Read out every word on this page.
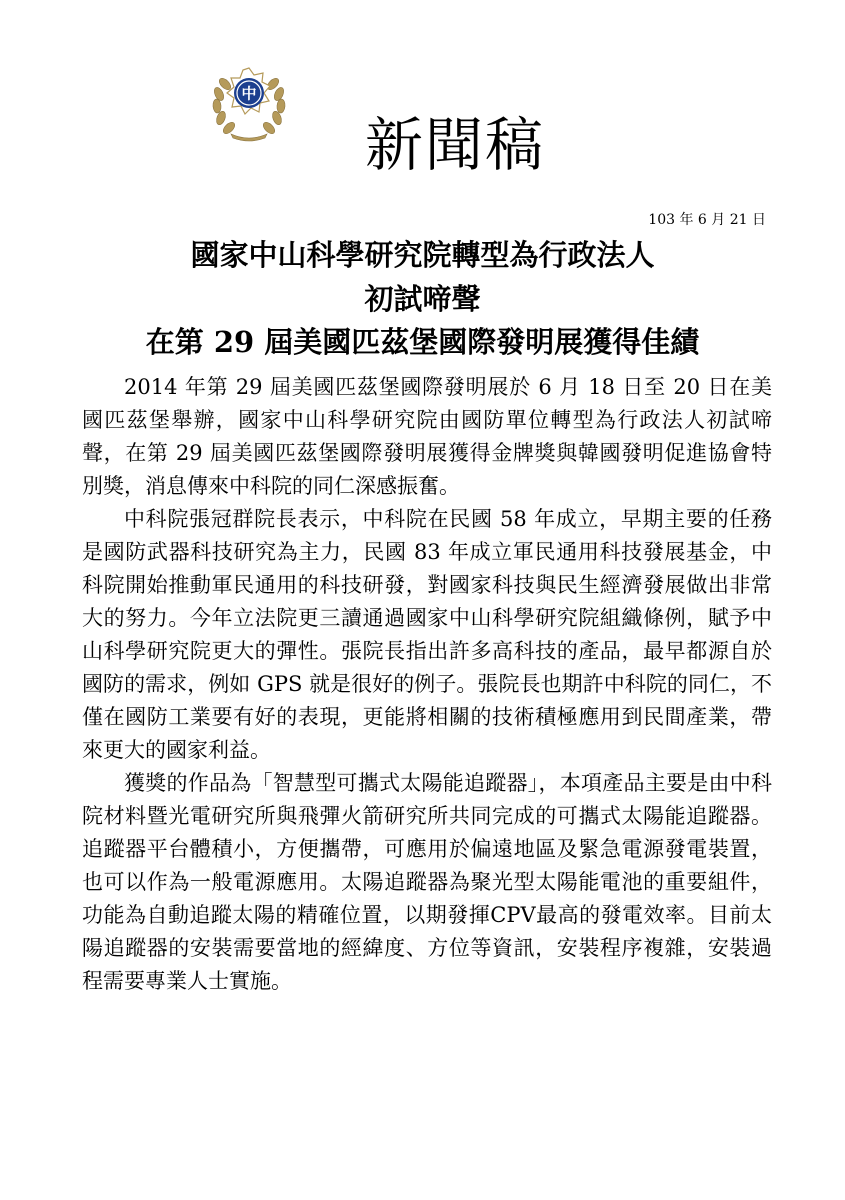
中
新聞稿
103 年 6 月 21 日
國家中山科學研究院轉型為行政法人
初試啼聲
在第 29 屆美國匹茲堡國際發明展獲得佳績

2014 年第 29 屆美國匹茲堡國際發明展於 6 月 18 日至 20 日在美國匹茲堡舉辦，國家中山科學研究院由國防單位轉型為行政法人初試啼聲，在第 29 屆美國匹茲堡國際發明展獲得金牌獎與韓國發明促進協會特別獎，消息傳來中科院的同仁深感振奮。

中科院張冠群院長表示，中科院在民國 58 年成立，早期主要的任務是國防武器科技研究為主力，民國 83 年成立軍民通用科技發展基金，中科院開始推動軍民通用的科技研發，對國家科技與民生經濟發展做出非常大的努力。今年立法院更三讀通過國家中山科學研究院組織條例，賦予中山科學研究院更大的彈性。張院長指出許多高科技的產品，最早都源自於國防的需求，例如 GPS 就是很好的例子。張院長也期許中科院的同仁，不僅在國防工業要有好的表現，更能將相關的技術積極應用到民間產業，帶來更大的國家利益。

獲獎的作品為「智慧型可攜式太陽能追蹤器」，本項產品主要是由中科院材料暨光電研究所與飛彈火箭研究所共同完成的可攜式太陽能追蹤器。追蹤器平台體積小，方便攜帶，可應用於偏遠地區及緊急電源發電裝置，也可以作為一般電源應用。太陽追蹤器為聚光型太陽能電池的重要組件，功能為自動追蹤太陽的精確位置，以期發揮CPV最高的發電效率。目前太陽追蹤器的安裝需要當地的經緯度、方位等資訊，安裝程序複雜，安裝過程需要專業人士實施。
